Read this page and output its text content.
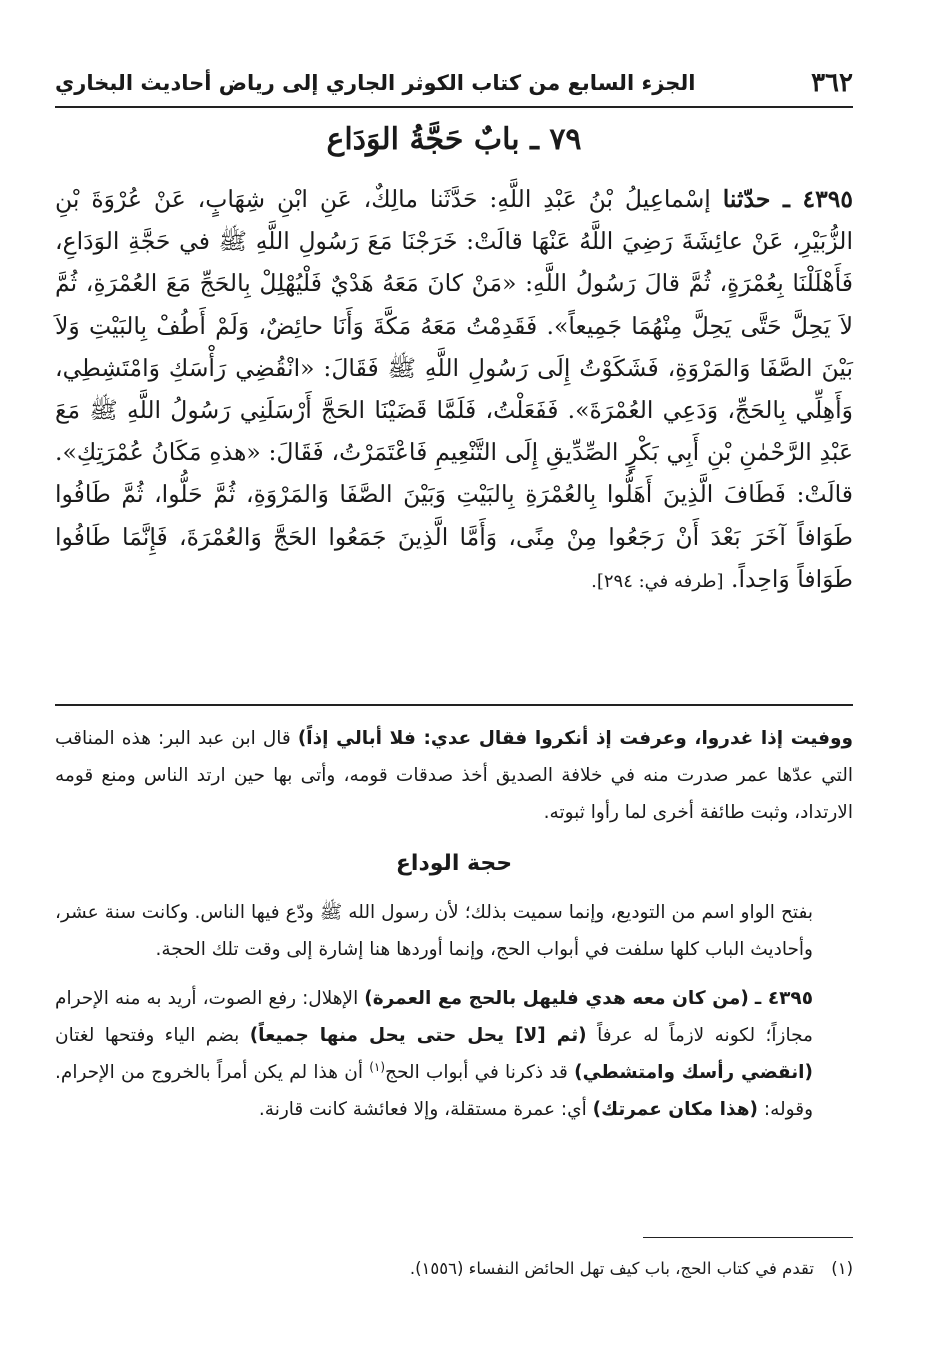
٣٦٢
الجزء السابع من كتاب الكوثر الجاري إلى رياض أحاديث البخاري
٧٩ ـ بابٌ حَجَّةُ الوَدَاع
٤٣٩٥ ـ حدّثنا إسْماعِيلُ بْنُ عَبْدِ اللَّهِ: حَدَّثَنا مالِكٌ، عَنِ ابْنِ شِهَابٍ، عَنْ عُرْوَةَ بْنِ الزُّبَيْرِ، عَنْ عائِشَةَ رَضِيَ اللَّهُ عَنْهَا قالَتْ: خَرَجْنَا مَعَ رَسُولِ اللَّهِ ﷺ في حَجَّةِ الوَدَاعِ، فَأَهْلَلْنَا بِعُمْرَةٍ، ثُمَّ قالَ رَسُولُ اللَّهِ: «مَنْ كانَ مَعَهُ هَدْيٌ فَلْيُهْلِلْ بِالحَجِّ مَعَ العُمْرَةِ، ثُمَّ لاَ يَحِلَّ حَتَّى يَحِلَّ مِنْهُمَا جَمِيعاً». فَقَدِمْتُ مَعَهُ مَكَّةَ وَأَنَا حائِضٌ، وَلَمْ أَطُفْ بِالبَيْتِ وَلاَ بَيْنَ الصَّفَا وَالمَرْوَةِ، فَشَكَوْتُ إِلَى رَسُولِ اللَّهِ ﷺ فَقَالَ: «انْقُضِي رَأْسَكِ وَامْتَشِطِي، وَأَهِلِّي بِالحَجِّ، وَدَعِي العُمْرَةَ». فَفَعَلْتُ، فَلَمَّا قَضَيْنَا الحَجَّ أَرْسَلَنِي رَسُولُ اللَّهِ ﷺ مَعَ عَبْدِ الرَّحْمٰنِ بْنِ أَبِي بَكْرٍ الصِّدِّيقِ إِلَى التَّنْعِيمِ فَاعْتَمَرْتُ، فَقَالَ: «هذهِ مَكَانُ عُمْرَتِكِ». قالَتْ: فَطَافَ الَّذِينَ أَهَلُّوا بِالعُمْرَةِ بِالبَيْتِ وَبَيْنَ الصَّفَا وَالمَرْوَةِ، ثُمَّ حَلُّوا، ثُمَّ طَافُوا طَوَافاً آخَرَ بَعْدَ أَنْ رَجَعُوا مِنْ مِنًى، وَأَمَّا الَّذِينَ جَمَعُوا الحَجَّ وَالعُمْرَةَ، فَإِنَّمَا طَافُوا طَوَافاً وَاحِداً. [طرفه في: ٢٩٤].

ووفيت إذا غدروا، وعرفت إذ أنكروا فقال عدي: فلا أبالي إذاً) قال ابن عبد البر: هذه المناقب التي عدّها عمر صدرت منه في خلافة الصديق أخذ صدقات قومه، وأتى بها حين ارتد الناس ومنع قومه الارتداد، وثبت طائفة أخرى لما رأوا ثبوته.

حجة الوداع

بفتح الواو اسم من التوديع، وإنما سميت بذلك؛ لأن رسول الله ﷺ ودّع فيها الناس. وكانت سنة عشر، وأحاديث الباب كلها سلفت في أبواب الحج، وإنما أوردها هنا إشارة إلى وقت تلك الحجة.

٤٣٩٥ ـ (من كان معه هدي فليهل بالحج مع العمرة) الإهلال: رفع الصوت، أريد به منه الإحرام مجازاً؛ لكونه لازماً له عرفاً (ثم [لا] يحل حتى يحل منها جميعاً) بضم الياء وفتحها لغتان (انقضي رأسك وامتشطي) قد ذكرنا في أبواب الحج$^{(١)}$ أن هذا لم يكن أمراً بالخروج من الإحرام. وقوله: (هذا مكان عمرتك) أي: عمرة مستقلة، وإلا فعائشة كانت قارنة.

(١) تقدم في كتاب الحج، باب كيف تهل الحائض النفساء (١٥٥٦).
